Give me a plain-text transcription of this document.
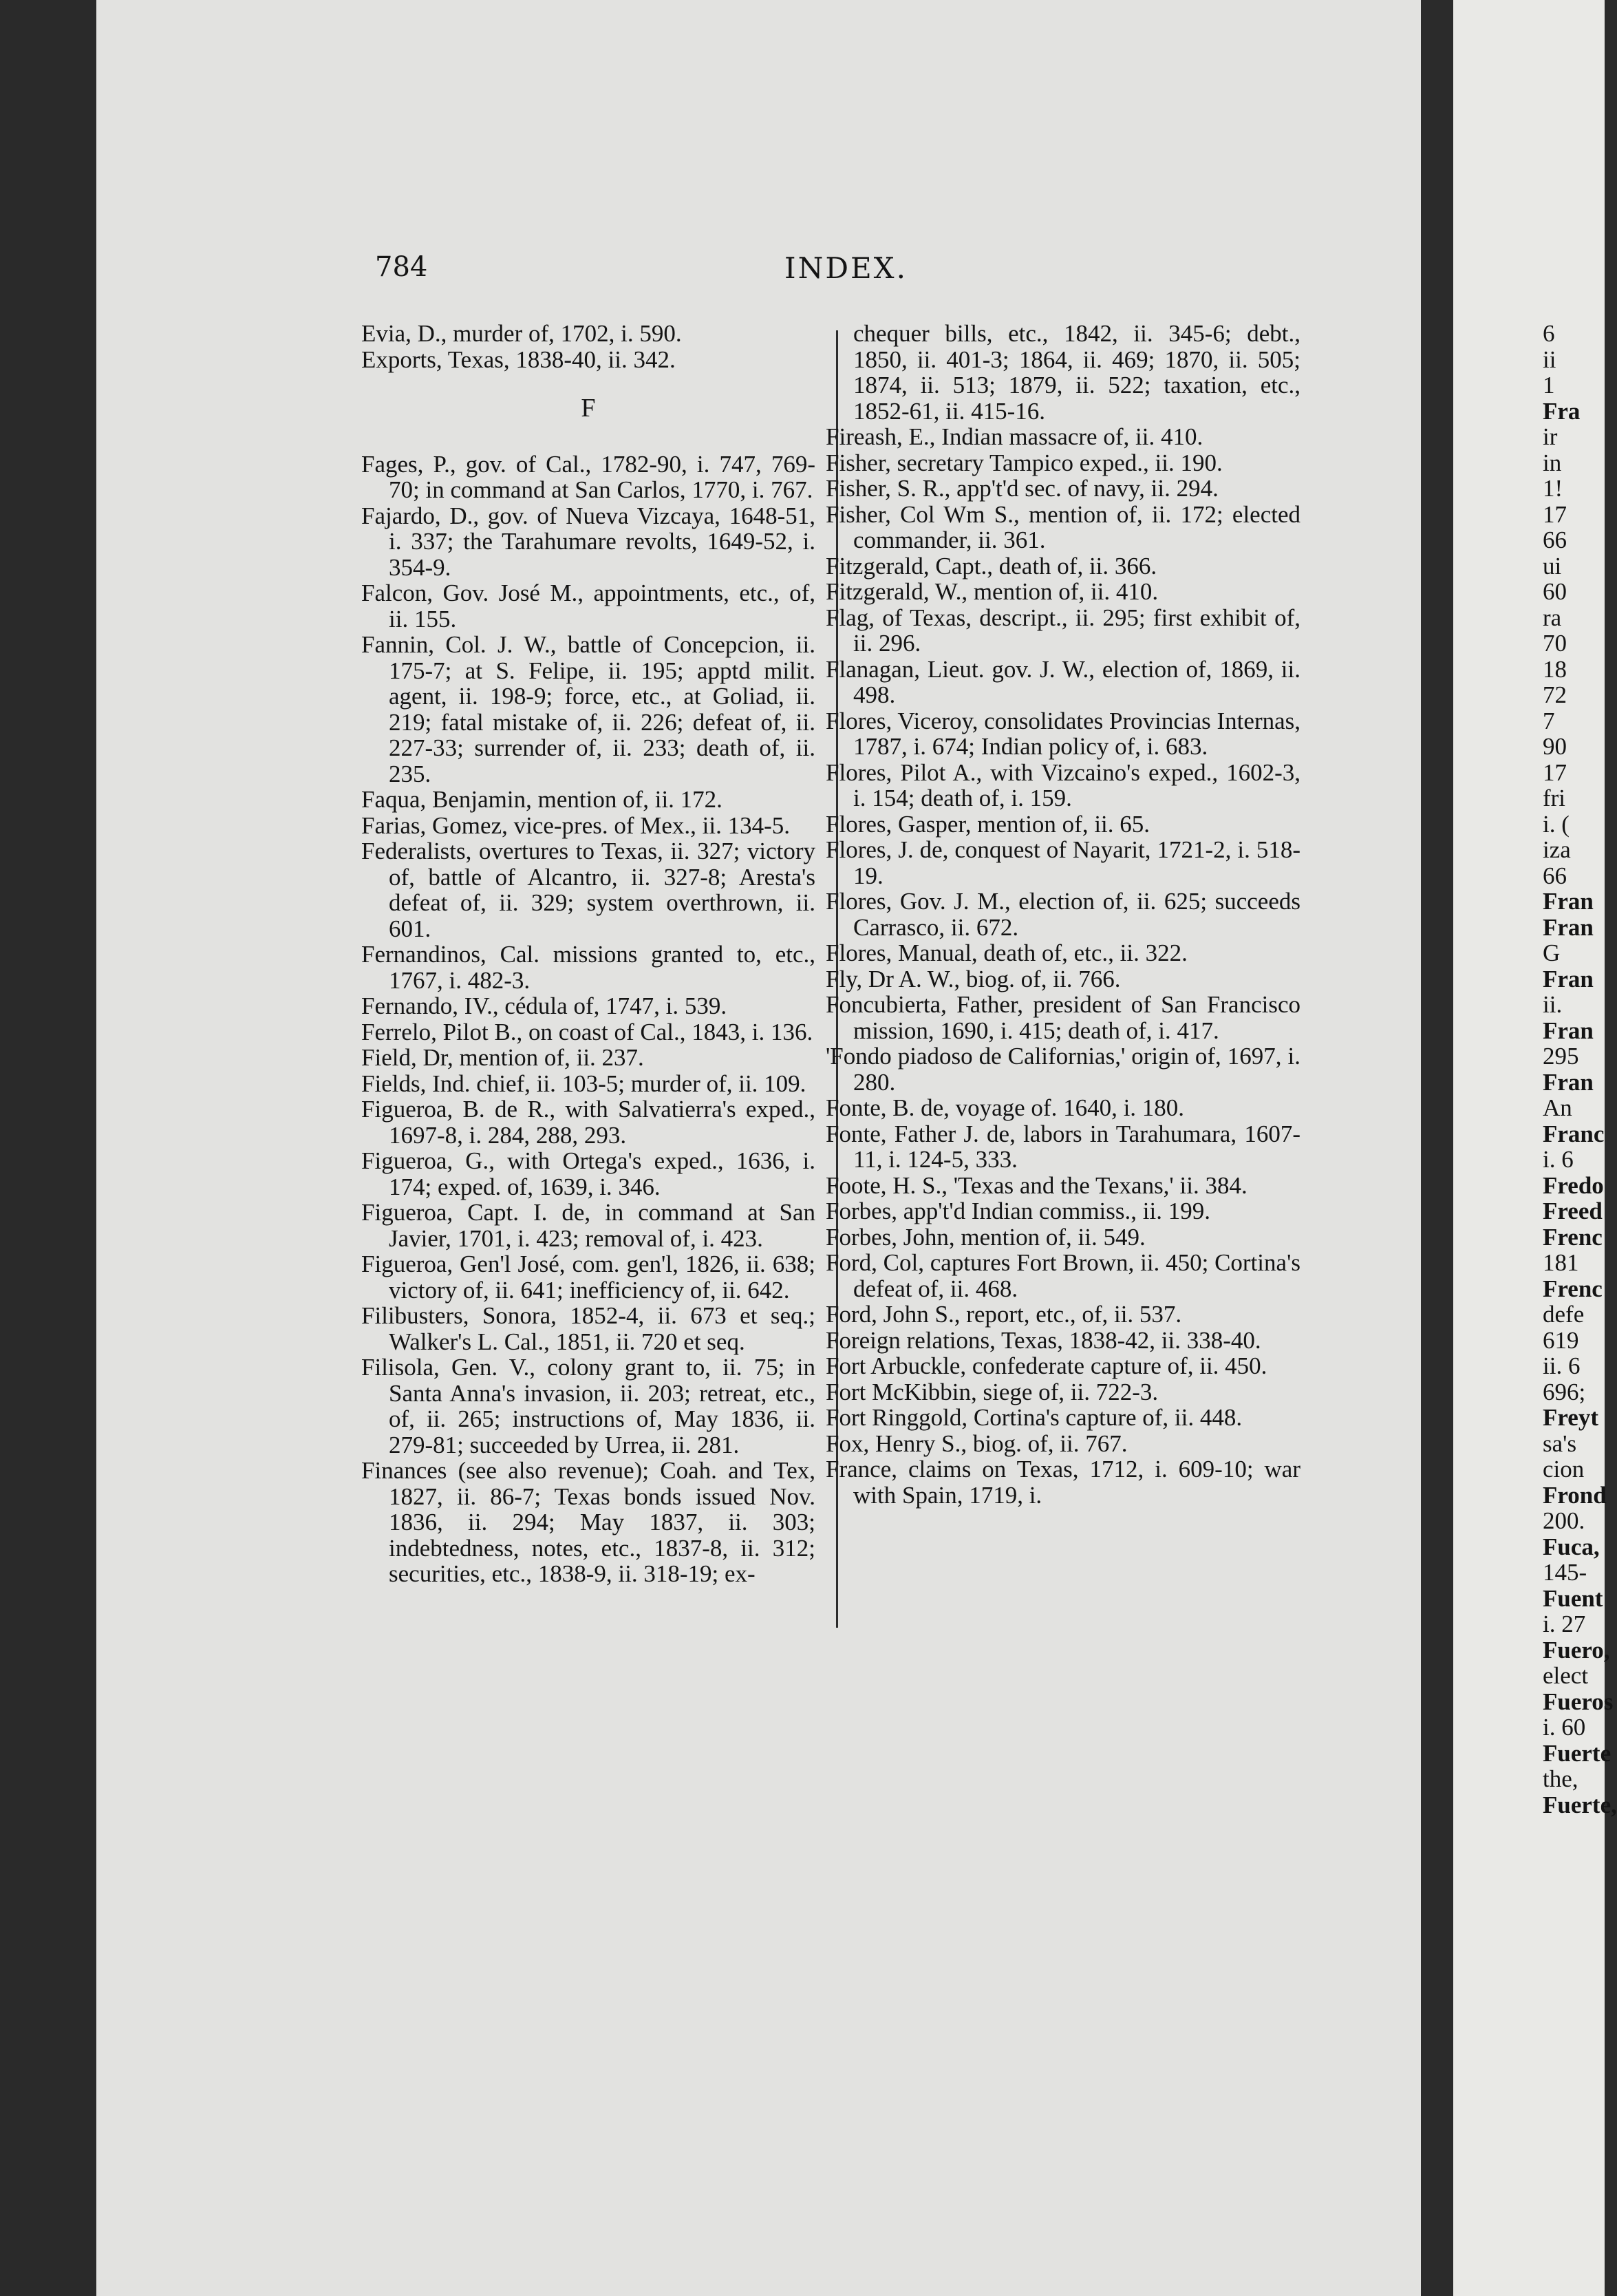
784	INDEX.
Evia, D., murder of, 1702, i. 590.
Exports, Texas, 1838-40, ii. 342.
F
Fages, P., gov. of Cal., 1782-90, i. 747, 769-70; in command at San Carlos, 1770, i. 767.
Fajardo, D., gov. of Nueva Vizcaya, 1648-51, i. 337; the Tarahumare revolts, 1649-52, i. 354-9.
Falcon, Gov. José M., appointments, etc., of, ii. 155.
Fannin, Col. J. W., battle of Concepcion, ii. 175-7; at S. Felipe, ii. 195; apptd milit. agent, ii. 198-9; force, etc., at Goliad, ii. 219; fatal mistake of, ii. 226; defeat of, ii. 227-33; surrender of, ii. 233; death of, ii. 235.
Faqua, Benjamin, mention of, ii. 172.
Farias, Gomez, vice-pres. of Mex., ii. 134-5.
Federalists, overtures to Texas, ii. 327; victory of, battle of Alcantro, ii. 327-8; Aresta's defeat of, ii. 329; system overthrown, ii. 601.
Fernandinos, Cal. missions granted to, etc., 1767, i. 482-3.
Fernando, IV., cédula of, 1747, i. 539.
Ferrelo, Pilot B., on coast of Cal., 1843, i. 136.
Field, Dr, mention of, ii. 237.
Fields, Ind. chief, ii. 103-5; murder of, ii. 109.
Figueroa, B. de R., with Salvatierra's exped., 1697-8, i. 284, 288, 293.
Figueroa, G., with Ortega's exped., 1636, i. 174; exped. of, 1639, i. 346.
Figueroa, Capt. I. de, in command at San Javier, 1701, i. 423; removal of, i. 423.
Figueroa, Gen'l José, com. gen'l, 1826, ii. 638; victory of, ii. 641; inefficiency of, ii. 642.
Filibusters, Sonora, 1852-4, ii. 673 et seq.; Walker's L. Cal., 1851, ii. 720 et seq.
Filisola, Gen. V., colony grant to, ii. 75; in Santa Anna's invasion, ii. 203; retreat, etc., of, ii. 265; instructions of, May 1836, ii. 279-81; succeeded by Urrea, ii. 281.
Finances (see also revenue); Coah. and Tex, 1827, ii. 86-7; Texas bonds issued Nov. 1836, ii. 294; May 1837, ii. 303; indebtedness, notes, etc., 1837-8, ii. 312; securities, etc., 1838-9, ii. 318-19; ex-
chequer bills, etc., 1842, ii. 345-6; debt., 1850, ii. 401-3; 1864, ii. 469; 1870, ii. 505; 1874, ii. 513; 1879, ii. 522; taxation, etc., 1852-61, ii. 415-16.
Fireash, E., Indian massacre of, ii. 410.
Fisher, secretary Tampico exped., ii. 190.
Fisher, S. R., app't'd sec. of navy, ii. 294.
Fisher, Col Wm S., mention of, ii. 172; elected commander, ii. 361.
Fitzgerald, Capt., death of, ii. 366.
Fitzgerald, W., mention of, ii. 410.
Flag, of Texas, descript., ii. 295; first exhibit of, ii. 296.
Flanagan, Lieut. gov. J. W., election of, 1869, ii. 498.
Flores, Viceroy, consolidates Provincias Internas, 1787, i. 674; Indian policy of, i. 683.
Flores, Pilot A., with Vizcaino's exped., 1602-3, i. 154; death of, i. 159.
Flores, Gasper, mention of, ii. 65.
Flores, J. de, conquest of Nayarit, 1721-2, i. 518-19.
Flores, Gov. J. M., election of, ii. 625; succeeds Carrasco, ii. 672.
Flores, Manual, death of, etc., ii. 322.
Fly, Dr A. W., biog. of, ii. 766.
Foncubierta, Father, president of San Francisco mission, 1690, i. 415; death of, i. 417.
'Fondo piadoso de Californias,' origin of, 1697, i. 280.
Fonte, B. de, voyage of. 1640, i. 180.
Fonte, Father J. de, labors in Tarahumara, 1607-11, i. 124-5, 333.
Foote, H. S., 'Texas and the Texans,' ii. 384.
Forbes, app't'd Indian commiss., ii. 199.
Forbes, John, mention of, ii. 549.
Ford, Col, captures Fort Brown, ii. 450; Cortina's defeat of, ii. 468.
Ford, John S., report, etc., of, ii. 537.
Foreign relations, Texas, 1838-42, ii. 338-40.
Fort Arbuckle, confederate capture of, ii. 450.
Fort McKibbin, siege of, ii. 722-3.
Fort Ringgold, Cortina's capture of, ii. 448.
Fox, Henry S., biog. of, ii. 767.
France, claims on Texas, 1712, i. 609-10; war with Spain, 1719, i.
6
ii
1
Fra
ir
in
1!
17
66
ui
60
ra
70
18
72
7
90
17
fri
i. (
iza
66
Fran
Fran
G
Fran
ii.
Fran
295
Fran
An
Franc
i. 6
Fredo
Freed
Frenc
181
Frenc
defe
619
ii. 6
696;
Freyt
sa's
cion
Frond
200.
Fuca,
145-
Fuent
i. 27
Fuero,
elect
Fueros
i. 60
Fuerte
the,
Fuerte,
